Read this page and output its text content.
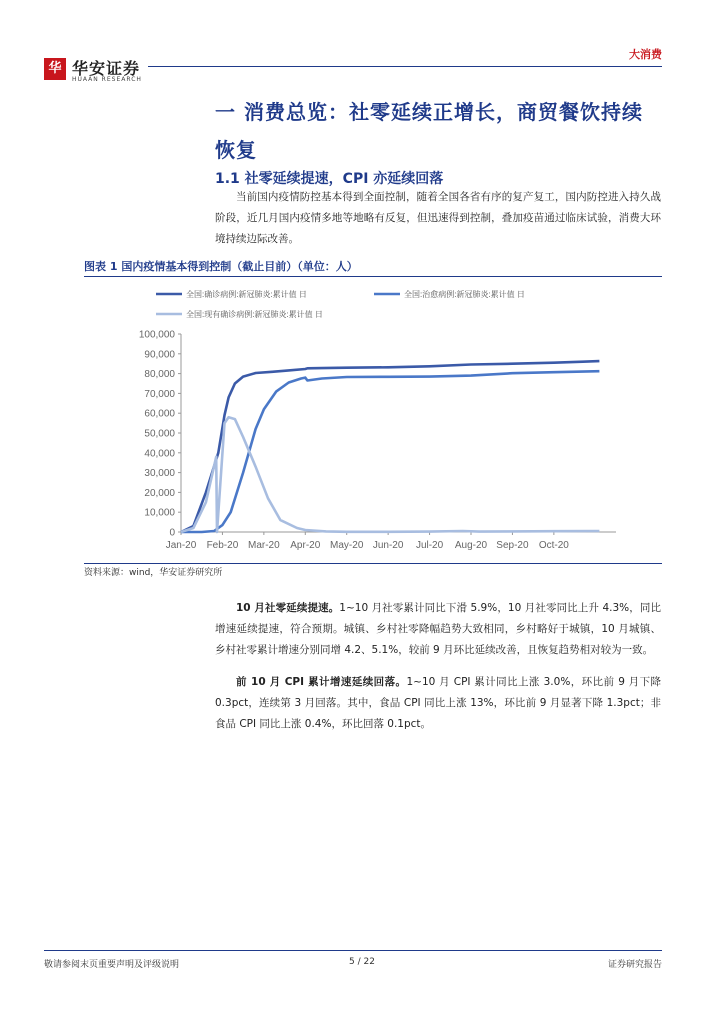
华 华安证券
HUAAN RESEARCH
大消费
一 消费总览：社零延续正增长，商贸餐饮持续
恢复
1.1 社零延续提速，CPI 亦延续回落
当前国内疫情防控基本得到全面控制，随着全国各省有序的复产复工，国内防控进入持久战阶段，近几月国内疫情多地等地略有反复，但迅速得到控制，叠加疫苗通过临床试验，消费大环境持续边际改善。
图表 1 国内疫情基本得到控制（截止目前）（单位：人）
全国:确诊病例:新冠肺炎:累计值 日	全国:治愈病例:新冠肺炎:累计值 日
全国:现有确诊病例:新冠肺炎:累计值 日
100,000
90,000
80,000
70,000
60,000
50,000
40,000
30,000
20,000
10,000
0
Jan-20 Feb-20 Mar-20 Apr-20 May-20 Jun-20 Jul-20 Aug-20 Sep-20 Oct-20
资料来源：wind，华安证券研究所
10 月社零延续提速。1~10 月社零累计同比下滑 5.9%，10 月社零同比上升 4.3%，同比增速延续提速，符合预期。城镇、乡村社零降幅趋势大致相同，乡村略好于城镇，10 月城镇、乡村社零累计增速分别同增 4.2、5.1%，较前 9 月环比延续改善，且恢复趋势相对较为一致。
前 10 月 CPI 累计增速延续回落。1~10 月 CPI 累计同比上涨 3.0%，环比前 9 月下降 0.3pct，连续第 3 月回落。其中，食品 CPI 同比上涨 13%，环比前 9 月显著下降 1.3pct；非食品 CPI 同比上涨 0.4%，环比回落 0.1pct。
敬请参阅末页重要声明及评级说明	5 / 22	证券研究报告
